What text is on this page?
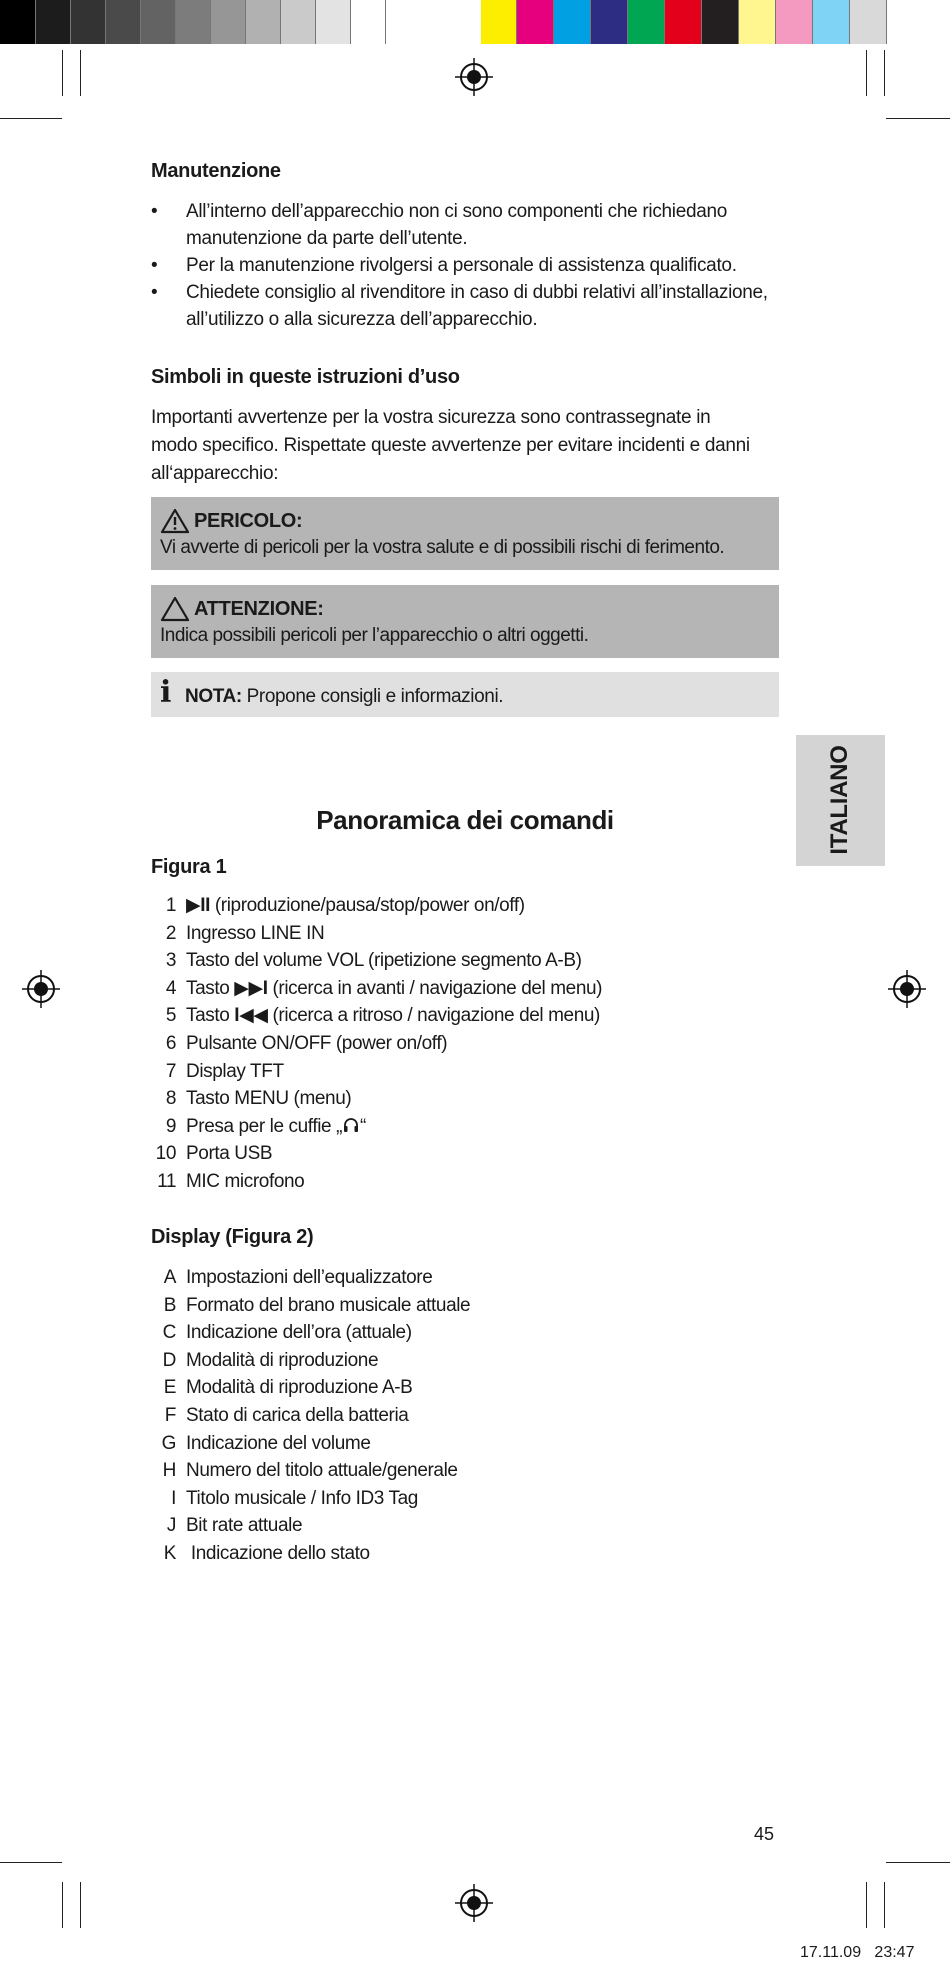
Manutenzione
• All’interno dell’apparecchio non ci sono componenti che richiedano
manutenzione da parte dell’utente.
• Per la manutenzione rivolgersi a personale di assistenza qualificato.
• Chiedete consiglio al rivenditore in caso di dubbi relativi all’installazione,
all’utilizzo o alla sicurezza dell’apparecchio.
Simboli in queste istruzioni d’uso

Importanti avvertenze per la vostra sicurezza sono contrassegnate in
modo specifico. Rispettate queste avvertenze per evitare incidenti e danni
all‘apparecchio:

PERICOLO:
Vi avverte di pericoli per la vostra salute e di possibili rischi di ferimento.
ATTENZIONE:
Indica possibili pericoli per l’apparecchio o altri oggetti.
i NOTA: Propone consigli e informazioni.
ITALIANO
Panoramica dei comandi
Figura 1
1 ▶II (riproduzione/pausa/stop/power on/off)
2 Ingresso LINE IN
3 Tasto del volume VOL (ripetizione segmento A-B)
4 Tasto ▶▶I (ricerca in avanti / navigazione del menu)
5 Tasto I◀◀ (ricerca a ritroso / navigazione del menu)
6 Pulsante ON/OFF (power on/off)
7 Display TFT
8 Tasto MENU (menu)
9 Presa per le cuffie „ “
10 Porta USB
11 MIC microfono
Display (Figura 2)
A Impostazioni dell’equalizzatore
B Formato del brano musicale attuale
C Indicazione dell’ora (attuale)
D Modalità di riproduzione
E Modalità di riproduzione A-B
F Stato di carica della batteria
G Indicazione del volume
H Numero del titolo attuale/generale
I Titolo musicale / Info ID3 Tag
J Bit rate attuale
K Indicazione dello stato
45
17.11.09   23:47
